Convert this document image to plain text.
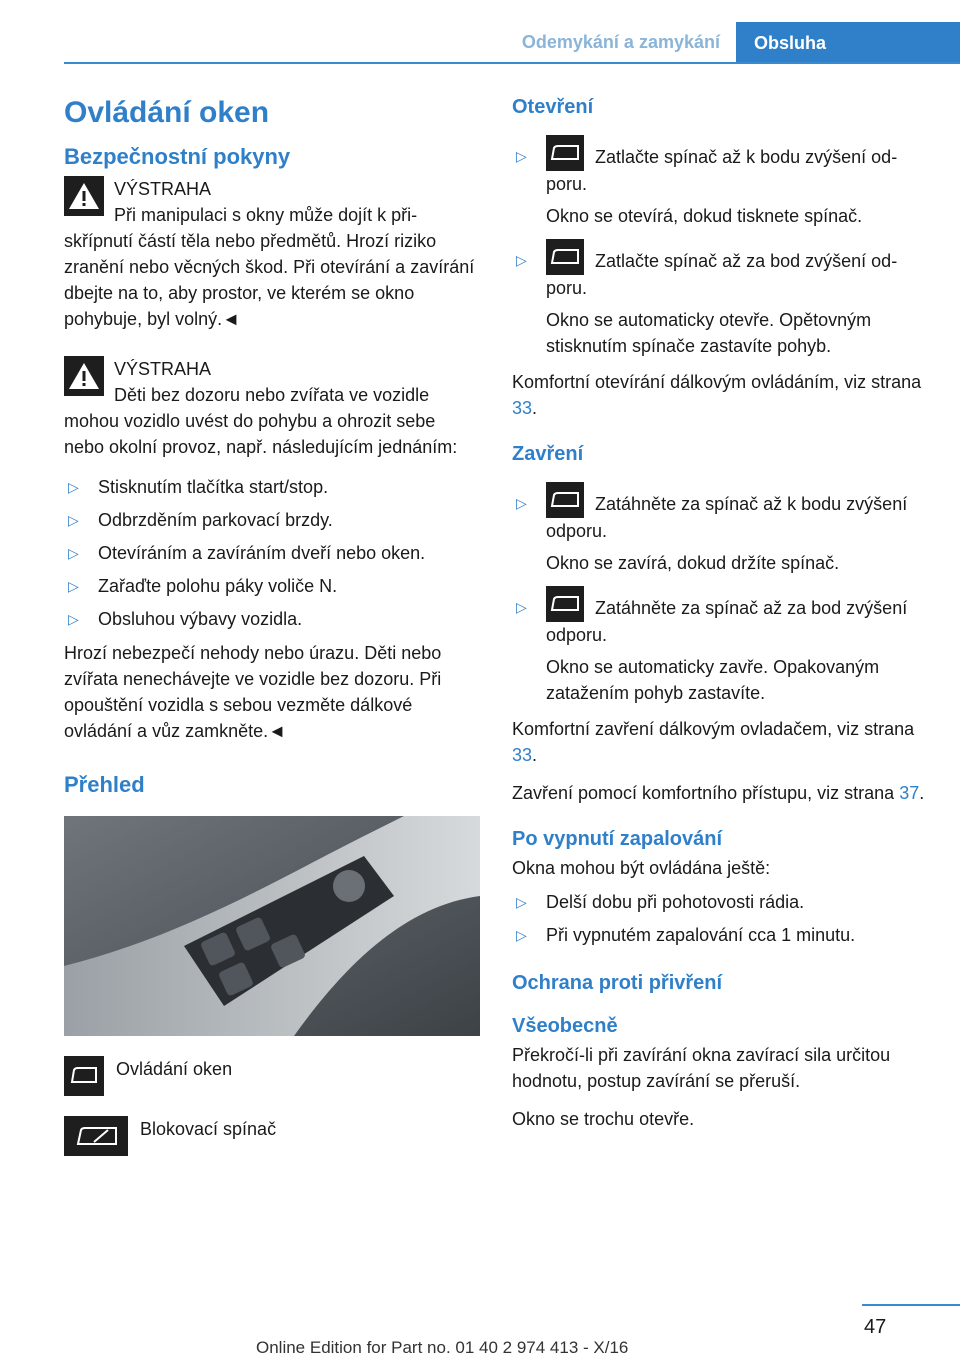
Odemykání a zamykání	Obsluha
Ovládání oken
Bezpečnostní pokyny
VÝSTRAHA
Při manipulaci s okny může dojít k přiskřípnutí částí těla nebo předmětů. Hrozí riziko zranění nebo věcných škod. Při otevírání a zavírání dbejte na to, aby prostor, ve kterém se okno pohybuje, byl volný.◄
VÝSTRAHA
Děti bez dozoru nebo zvířata ve vozidle mohou vozidlo uvést do pohybu a ohrozit sebe nebo okolní provoz, např. následujícím jednáním:
▷ Stisknutím tlačítka start/stop.
▷ Odbrzděním parkovací brzdy.
▷ Otevíráním a zavíráním dveří nebo oken.
▷ Zařaďte polohu páky voliče N.
▷ Obsluhou výbavy vozidla.

Hrozí nebezpečí nehody nebo úrazu. Děti nebo zvířata nenechávejte ve vozidle bez dozoru. Při opouštění vozidla s sebou vezměte dálkové ovládání a vůz zamkněte.◄

Přehled
Ovládání oken
Blokovací spínač
Otevření
▷	Zatlačte spínač až k bodu zvýšení odporu.
Okno se otevírá, dokud tisknete spínač.
▷	Zatlačte spínač až za bod zvýšení odporu.
Okno se automaticky otevře. Opětovným stisknutím spínače zastavíte pohyb.

Komfortní otevírání dálkovým ovládáním, viz strana 33.

Zavření
▷	Zatáhněte za spínač až k bodu zvýšení odporu.
Okno se zavírá, dokud držíte spínač.
▷	Zatáhněte za spínač až za bod zvýšení odporu.
Okno se automaticky zavře. Opakovaným zatažením pohyb zastavíte.

Komfortní zavření dálkovým ovladačem, viz strana 33.

Zavření pomocí komfortního přístupu, viz strana 37.

Po vypnutí zapalování

Okna mohou být ovládána ještě:

▷ Delší dobu při pohotovosti rádia.
▷ Při vypnutém zapalování cca 1 minutu.
Ochrana proti přivření
Všeobecně

Překročí-li při zavírání okna zavírací sila určitou hodnotu, postup zavírání se přeruší.

Okno se trochu otevře.

47
Online Edition for Part no. 01 40 2 974 413 - X/16
